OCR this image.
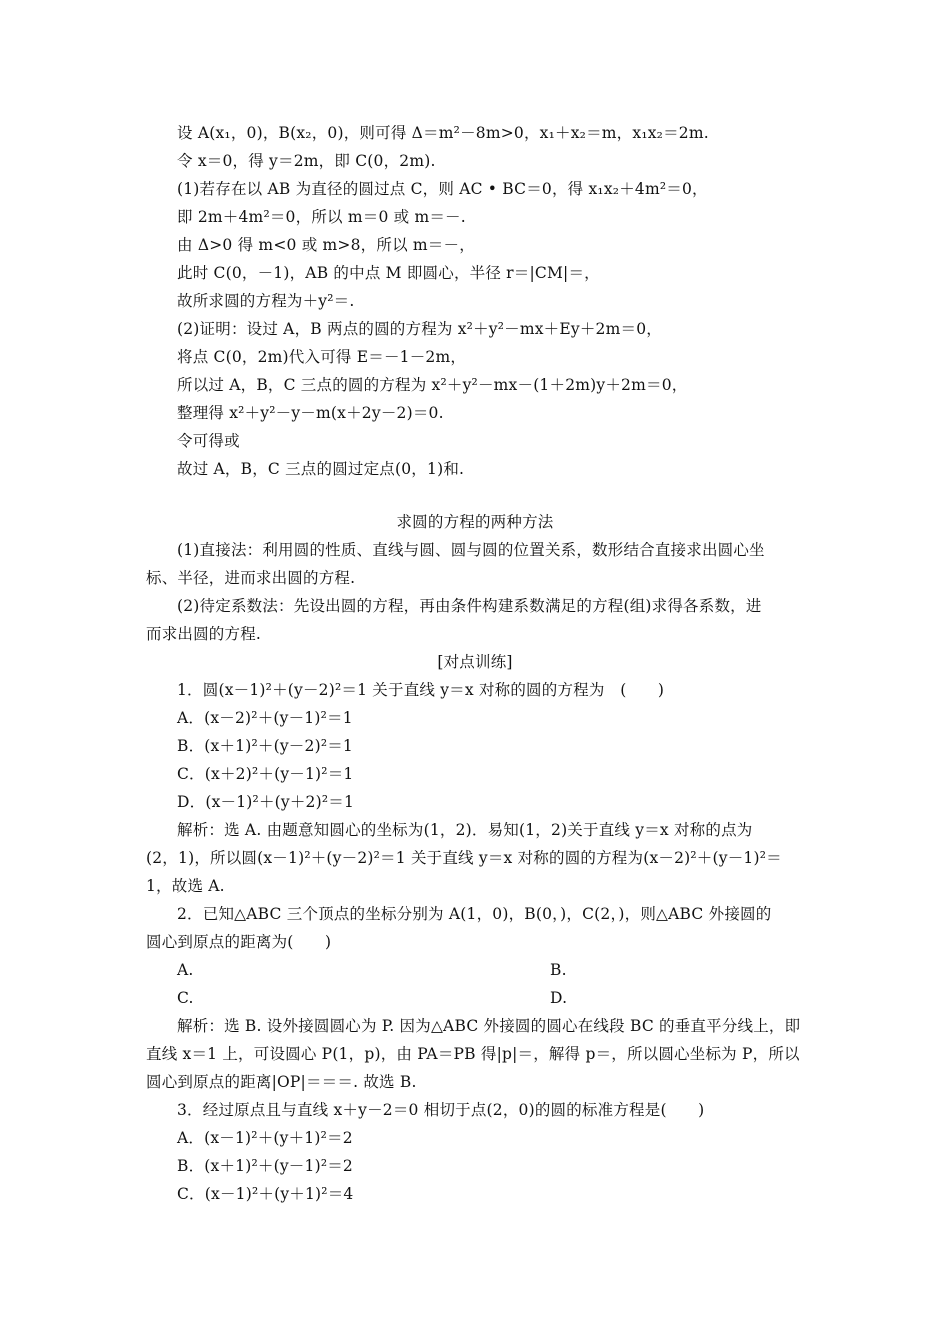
设 A(x₁，0)，B(x₂，0)，则可得 Δ＝m²－8m>0，x₁＋x₂＝m，x₁x₂＝2m.
令 x＝0，得 y＝2m，即 C(0，2m).
(1)若存在以 AB 为直径的圆过点 C，则 AC • BC＝0，得 x₁x₂＋4m²＝0，
即 2m＋4m²＝0，所以 m＝0 或 m＝－.
由 Δ>0 得 m<0 或 m>8，所以 m＝－，
此时 C(0，－1)，AB 的中点 M 即圆心，半径 r＝|CM|＝，
故所求圆的方程为＋y²＝.
(2)证明：设过 A，B 两点的圆的方程为 x²＋y²－mx＋Ey＋2m＝0，
将点 C(0，2m)代入可得 E＝－1－2m，
所以过 A，B，C 三点的圆的方程为 x²＋y²－mx－(1＋2m)y＋2m＝0，
整理得 x²＋y²－y－m(x＋2y－2)＝0.
令可得或
故过 A，B，C 三点的圆过定点(0，1)和.
求圆的方程的两种方法
(1)直接法：利用圆的性质、直线与圆、圆与圆的位置关系，数形结合直接求出圆心坐
标、半径，进而求出圆的方程.
(2)待定系数法：先设出圆的方程，再由条件构建系数满足的方程(组)求得各系数，进
而求出圆的方程.
[对点训练]
1．圆(x－1)²＋(y－2)²＝1 关于直线 y＝x 对称的圆的方程为　(　　)
A．(x－2)²＋(y－1)²＝1
B．(x＋1)²＋(y－2)²＝1
C．(x＋2)²＋(y－1)²＝1
D．(x－1)²＋(y＋2)²＝1
解析：选 A. 由题意知圆心的坐标为(1，2)．易知(1，2)关于直线 y＝x 对称的点为
(2，1)，所以圆(x－1)²＋(y－2)²＝1 关于直线 y＝x 对称的圆的方程为(x－2)²＋(y－1)²＝
1，故选 A.
2．已知△ABC 三个顶点的坐标分别为 A(1，0)，B(0，)，C(2，)，则△ABC 外接圆的
圆心到原点的距离为(　　)
A.	B.
C.	D.
解析：选 B. 设外接圆圆心为 P. 因为△ABC 外接圆的圆心在线段 BC 的垂直平分线上，即
直线 x＝1 上，可设圆心 P(1，p)，由 PA＝PB 得|p|＝，解得 p＝，所以圆心坐标为 P，所以
圆心到原点的距离|OP|＝＝＝. 故选 B.
3．经过原点且与直线 x＋y－2＝0 相切于点(2，0)的圆的标准方程是(　　)
A．(x－1)²＋(y＋1)²＝2
B．(x＋1)²＋(y－1)²＝2
C．(x－1)²＋(y＋1)²＝4
